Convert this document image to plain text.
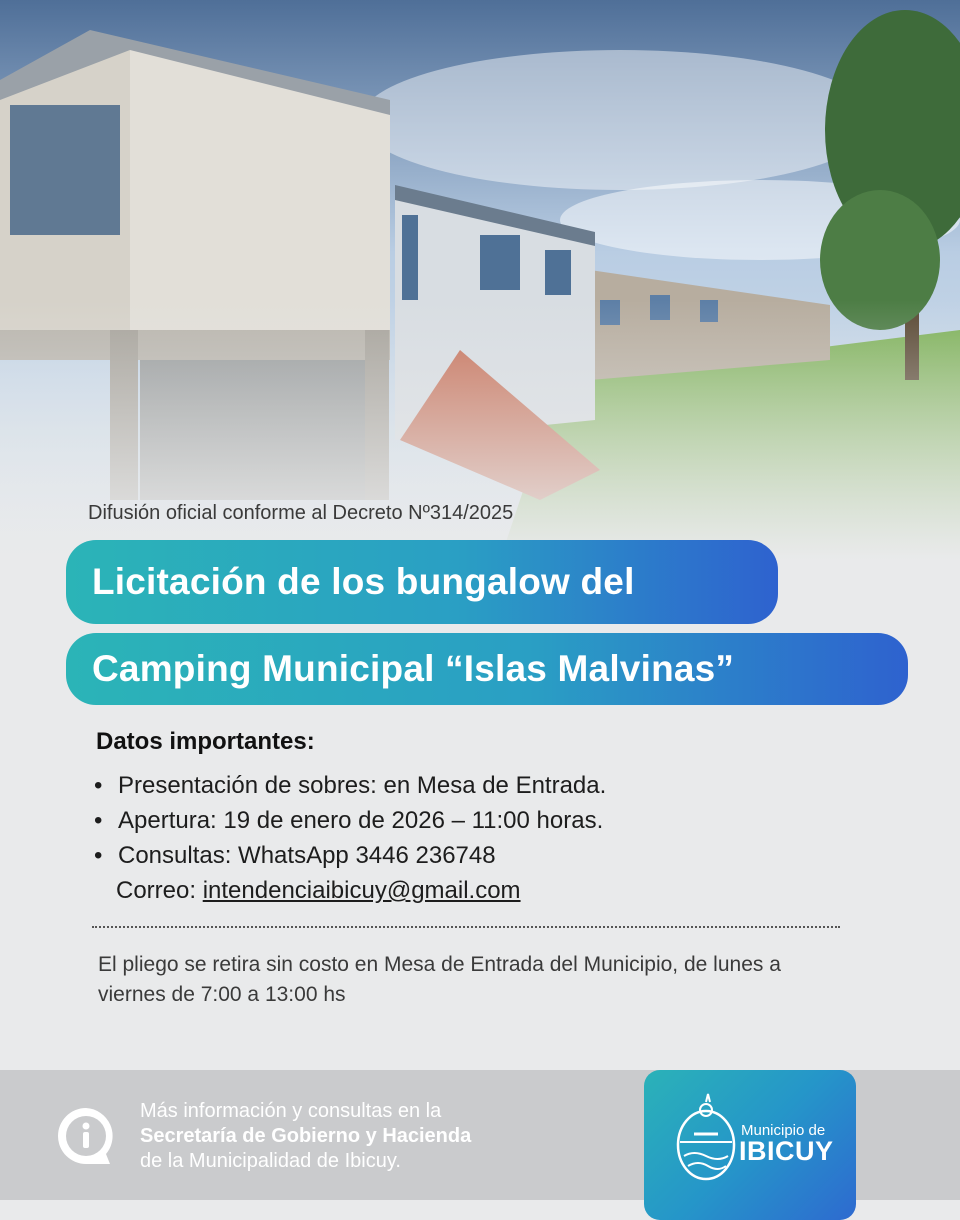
Difusión oficial conforme al Decreto Nº314/2025
Licitación de los bungalow del
Camping Municipal “Islas Malvinas”
Datos importantes:
• Presentación de sobres: en Mesa de Entrada.
• Apertura: 19 de enero de 2026 – 11:00 horas.
• Consultas: WhatsApp 3446 236748
Correo: intendenciaibicuy@gmail.com
El pliego se retira sin costo en Mesa de Entrada del Municipio, de lunes a viernes de 7:00 a 13:00 hs
Más información y consultas en la
Secretaría de Gobierno y Hacienda
de la Municipalidad de Ibicuy.
Municipio de
IBICUY
